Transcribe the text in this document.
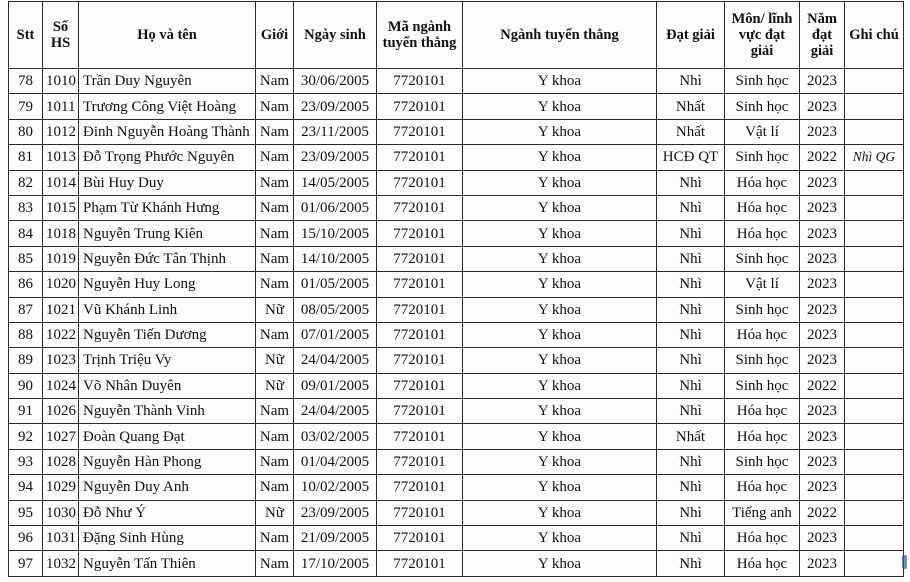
Stt	Số HS	Họ và tên	Giới	Ngày sinh	Mã ngành tuyển thẳng	Ngành tuyển thẳng	Đạt giải	Môn/ lĩnh vực đạt giải	Năm đạt giải	Ghi chú
78	1010	Trần Duy Nguyên	Nam	30/06/2005	7720101	Y khoa	Nhì	Sinh học	2023	
79	1011	Trương Công Việt Hoàng	Nam	23/09/2005	7720101	Y khoa	Nhất	Sinh học	2023	
80	1012	Đinh Nguyễn Hoàng Thành	Nam	23/11/2005	7720101	Y khoa	Nhất	Vật lí	2023	
81	1013	Đỗ Trọng Phước Nguyên	Nam	23/09/2005	7720101	Y khoa	HCĐ QT	Sinh học	2022	Nhì QG
82	1014	Bùi Huy Duy	Nam	14/05/2005	7720101	Y khoa	Nhì	Hóa học	2023	
83	1015	Phạm Từ Khánh Hưng	Nam	01/06/2005	7720101	Y khoa	Nhì	Hóa học	2023	
84	1018	Nguyễn Trung Kiên	Nam	15/10/2005	7720101	Y khoa	Nhì	Hóa học	2023	
85	1019	Nguyễn Đức Tân Thịnh	Nam	14/10/2005	7720101	Y khoa	Nhì	Sinh học	2023	
86	1020	Nguyễn Huy Long	Nam	01/05/2005	7720101	Y khoa	Nhì	Vật lí	2023	
87	1021	Vũ Khánh Linh	Nữ	08/05/2005	7720101	Y khoa	Nhì	Sinh học	2023	
88	1022	Nguyễn Tiến Dương	Nam	07/01/2005	7720101	Y khoa	Nhì	Hóa học	2023	
89	1023	Trịnh Triệu Vy	Nữ	24/04/2005	7720101	Y khoa	Nhì	Sinh học	2023	
90	1024	Võ Nhân Duyên	Nữ	09/01/2005	7720101	Y khoa	Nhì	Sinh học	2022	
91	1026	Nguyễn Thành Vinh	Nam	24/04/2005	7720101	Y khoa	Nhì	Hóa học	2023	
92	1027	Đoàn Quang Đạt	Nam	03/02/2005	7720101	Y khoa	Nhất	Hóa học	2023	
93	1028	Nguyễn Hàn Phong	Nam	01/04/2005	7720101	Y khoa	Nhì	Sinh học	2023	
94	1029	Nguyễn Duy Anh	Nam	10/02/2005	7720101	Y khoa	Nhì	Hóa học	2023	
95	1030	Đỗ Như Ý	Nữ	23/09/2005	7720101	Y khoa	Nhì	Tiếng anh	2022	
96	1031	Đặng Sinh Hùng	Nam	21/09/2005	7720101	Y khoa	Nhì	Hóa học	2023	
97	1032	Nguyễn Tấn Thiên	Nam	17/10/2005	7720101	Y khoa	Nhì	Hóa học	2023	
